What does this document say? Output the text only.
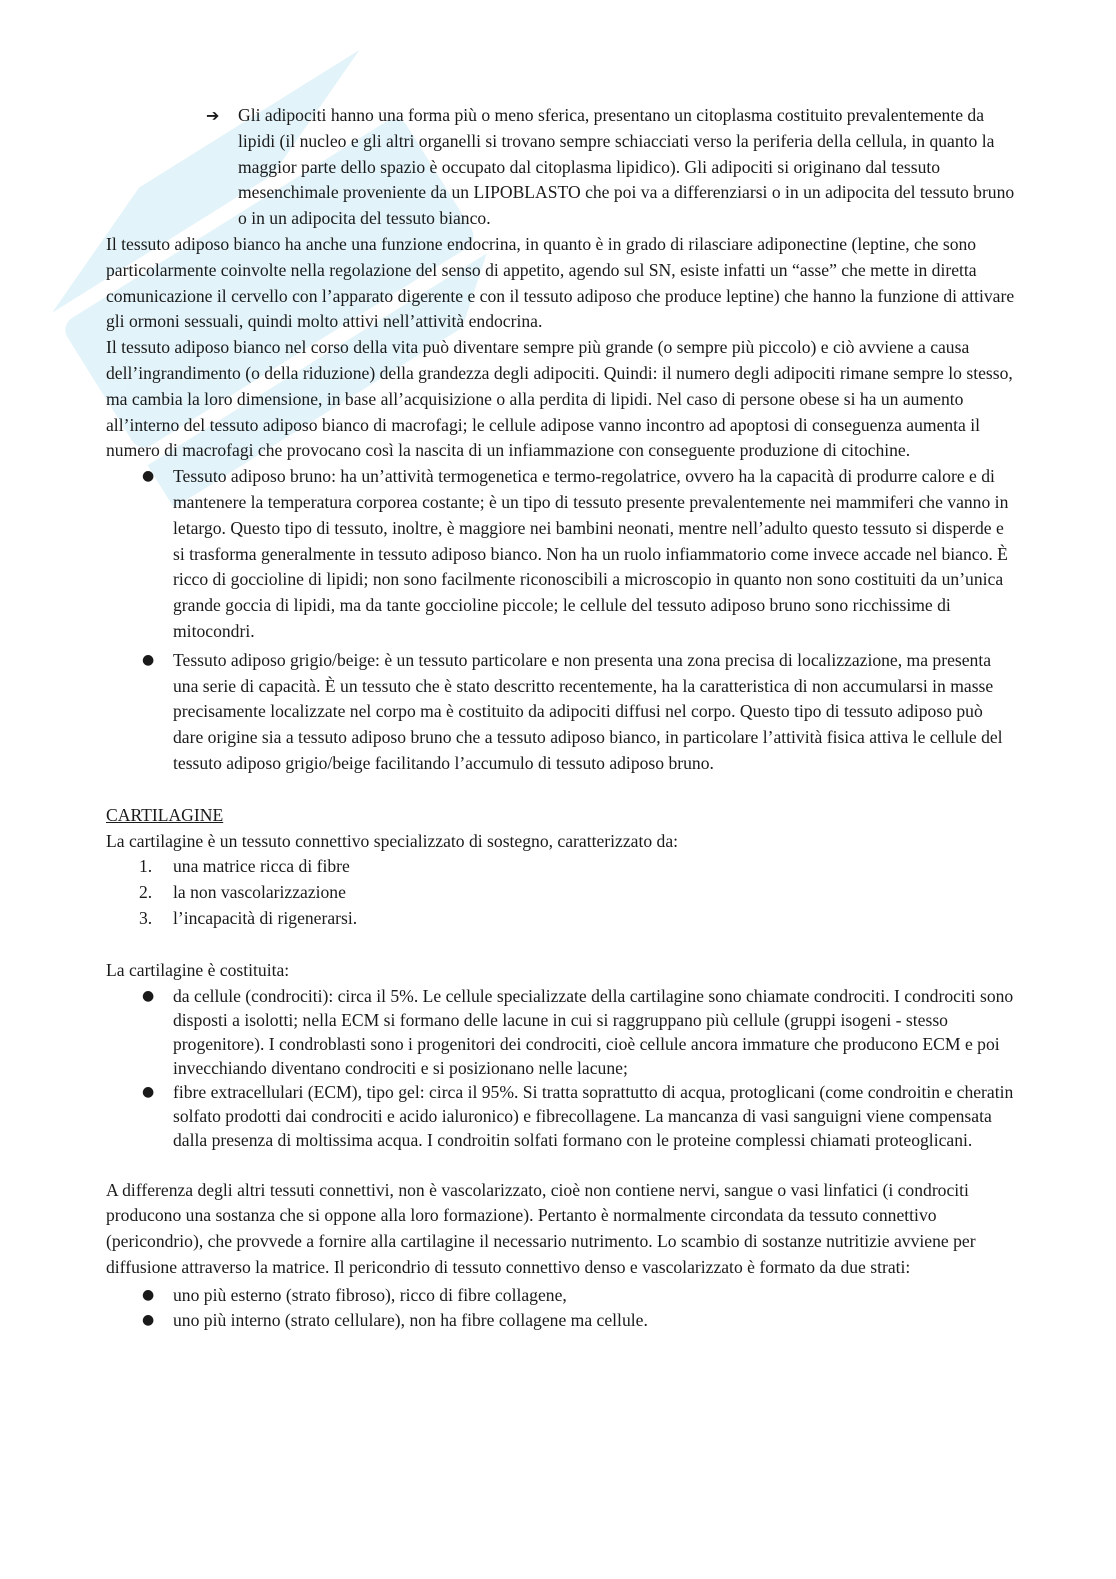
➔ Gli adipociti hanno una forma più o meno sferica, presentano un citoplasma costituito prevalentemente da lipidi (il nucleo e gli altri organelli si trovano sempre schiacciati verso la periferia della cellula, in quanto la maggior parte dello spazio è occupato dal citoplasma lipidico). Gli adipociti si originano dal tessuto mesenchimale proveniente da un LIPOBLASTO che poi va a differenziarsi o in un adipocita del tessuto bruno o in un adipocita del tessuto bianco.

Il tessuto adiposo bianco ha anche una funzione endocrina, in quanto è in grado di rilasciare adiponectine (leptine, che sono particolarmente coinvolte nella regolazione del senso di appetito, agendo sul SN, esiste infatti un “asse” che mette in diretta comunicazione il cervello con l’apparato digerente e con il tessuto adiposo che produce leptine) che hanno la funzione di attivare gli ormoni sessuali, quindi molto attivi nell’attività endocrina.

Il tessuto adiposo bianco nel corso della vita può diventare sempre più grande (o sempre più piccolo) e ciò avviene a causa dell’ingrandimento (o della riduzione) della grandezza degli adipociti. Quindi: il numero degli adipociti rimane sempre lo stesso, ma cambia la loro dimensione, in base all’acquisizione o alla perdita di lipidi. Nel caso di persone obese si ha un aumento all’interno del tessuto adiposo bianco di macrofagi; le cellule adipose vanno incontro ad apoptosi di conseguenza aumenta il numero di macrofagi che provocano così la nascita di un infiammazione con conseguente produzione di citochine.

● Tessuto adiposo bruno: ha un’attività termogenetica e termo-regolatrice, ovvero ha la capacità di produrre calore e di mantenere la temperatura corporea costante; è un tipo di tessuto presente prevalentemente nei mammiferi che vanno in letargo. Questo tipo di tessuto, inoltre, è maggiore nei bambini neonati, mentre nell’adulto questo tessuto si disperde e si trasforma generalmente in tessuto adiposo bianco. Non ha un ruolo infiammatorio come invece accade nel bianco. È ricco di goccioline di lipidi; non sono facilmente riconoscibili a microscopio in quanto non sono costituiti da un’unica grande goccia di lipidi, ma da tante goccioline piccole; le cellule del tessuto adiposo bruno sono ricchissime di mitocondri.
● Tessuto adiposo grigio/beige: è un tessuto particolare e non presenta una zona precisa di localizzazione, ma presenta una serie di capacità. È un tessuto che è stato descritto recentemente, ha la caratteristica di non accumularsi in masse precisamente localizzate nel corpo ma è costituito da adipociti diffusi nel corpo. Questo tipo di tessuto adiposo può dare origine sia a tessuto adiposo bruno che a tessuto adiposo bianco, in particolare l’attività fisica attiva le cellule del tessuto adiposo grigio/beige facilitando l’accumulo di tessuto adiposo bruno.

CARTILAGINE

La cartilagine è un tessuto connettivo specializzato di sostegno, caratterizzato da:

1. una matrice ricca di fibre
2. la non vascolarizzazione
3. l’incapacità di rigenerarsi.

La cartilagine è costituita:

● da cellule (condrociti): circa il 5%. Le cellule specializzate della cartilagine sono chiamate condrociti. I condrociti sono disposti a isolotti; nella ECM si formano delle lacune in cui si raggruppano più cellule (gruppi isogeni - stesso progenitore). I condroblasti sono i progenitori dei condrociti, cioè cellule ancora immature che producono ECM e poi invecchiando diventano condrociti e si posizionano nelle lacune;
● fibre extracellulari (ECM), tipo gel: circa il 95%. Si tratta soprattutto di acqua, protoglicani (come condroitin e cheratin solfato prodotti dai condrociti e acido ialuronico) e fibrecollagene. La mancanza di vasi sanguigni viene compensata dalla presenza di moltissima acqua. I condroitin solfati formano con le proteine complessi chiamati proteoglicani.

A differenza degli altri tessuti connettivi, non è vascolarizzato, cioè non contiene nervi, sangue o vasi linfatici (i condrociti producono una sostanza che si oppone alla loro formazione). Pertanto è normalmente circondata da tessuto connettivo (pericondrio), che provvede a fornire alla cartilagine il necessario nutrimento. Lo scambio di sostanze nutritizie avviene per diffusione attraverso la matrice. Il pericondrio di tessuto connettivo denso e vascolarizzato è formato da due strati:

● uno più esterno (strato fibroso), ricco di fibre collagene,
● uno più interno (strato cellulare), non ha fibre collagene ma cellule.
